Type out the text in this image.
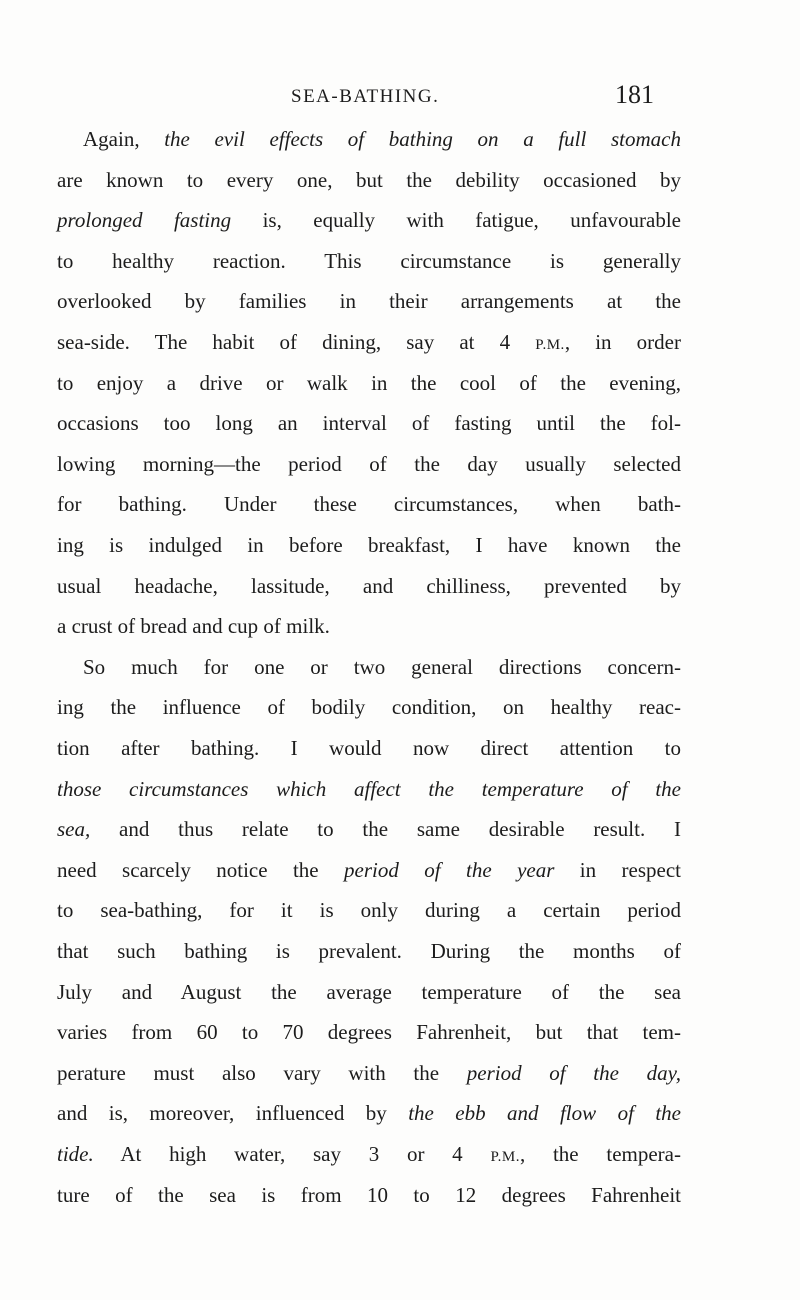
SEA-BATHING.	181
Again, the evil effects of bathing on a full stomach
are known to every one, but the debility occasioned by
prolonged fasting is, equally with fatigue, unfavourable
to healthy reaction. This circumstance is generally
overlooked by families in their arrangements at the
sea-side. The habit of dining, say at 4 P.M., in order
to enjoy a drive or walk in the cool of the evening,
occasions too long an interval of fasting until the fol-
lowing morning—the period of the day usually selected
for bathing. Under these circumstances, when bath-
ing is indulged in before breakfast, I have known the
usual headache, lassitude, and chilliness, prevented by
a crust of bread and cup of milk.
So much for one or two general directions concern-
ing the influence of bodily condition, on healthy reac-
tion after bathing. I would now direct attention to
those circumstances which affect the temperature of the
sea, and thus relate to the same desirable result. I
need scarcely notice the period of the year in respect
to sea-bathing, for it is only during a certain period
that such bathing is prevalent. During the months of
July and August the average temperature of the sea
varies from 60 to 70 degrees Fahrenheit, but that tem-
perature must also vary with the period of the day,
and is, moreover, influenced by the ebb and flow of the
tide. At high water, say 3 or 4 P.M., the tempera-
ture of the sea is from 10 to 12 degrees Fahrenheit
